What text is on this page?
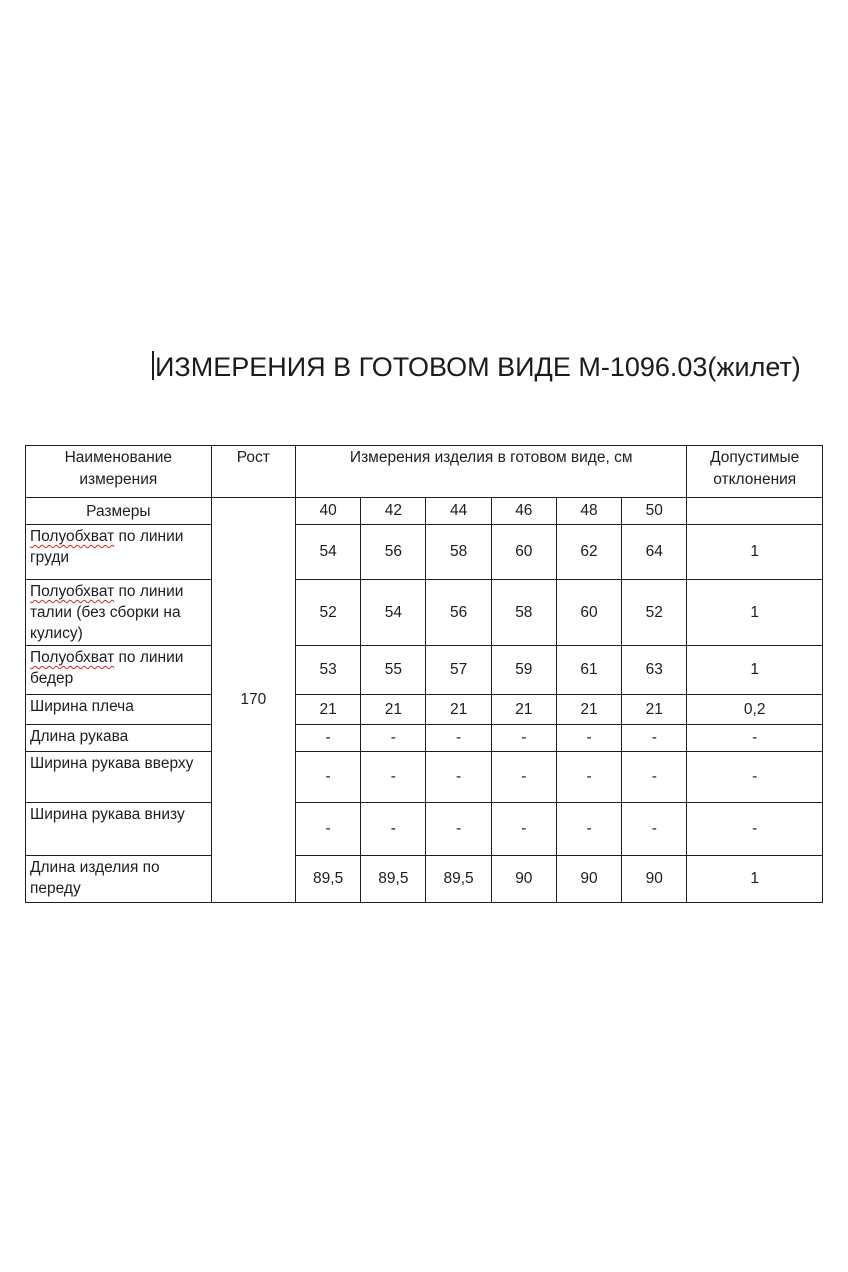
ИЗМЕРЕНИЯ В ГОТОВОМ ВИДЕ М-1096.03(жилет)
Наименование измерения	Рост	Измерения изделия в готовом виде, см						Допустимые отклонения
Размеры	170	40	42	44	46	48	50	
Полуобхват по линии груди		54	56	58	60	62	64	1
Полуобхват по линии талии (без сборки на кулису)		52	54	56	58	60	52	1
Полуобхват по линии бедер		53	55	57	59	61	63	1
Ширина плеча		21	21	21	21	21	21	0,2
Длина рукава		-	-	-	-	-	-	-
Ширина рукава вверху		-	-	-	-	-	-	-
Ширина рукава внизу		-	-	-	-	-	-	-
Длина изделия по переду		89,5	89,5	89,5	90	90	90	1
